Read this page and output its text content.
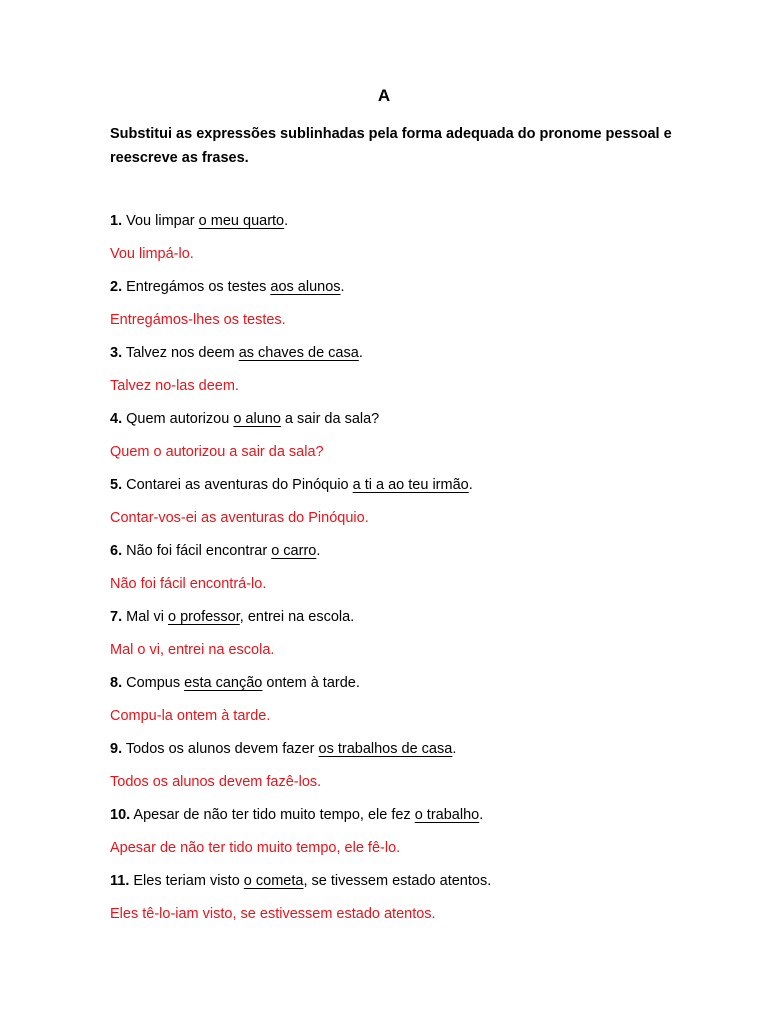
A
Substitui as expressões sublinhadas pela forma adequada do pronome pessoal e reescreve as frases.
1. Vou limpar o meu quarto.
Vou limpá-lo.
2. Entregámos os testes aos alunos.
Entregámos-lhes os testes.
3. Talvez nos deem as chaves de casa.
Talvez no-las deem.
4. Quem autorizou o aluno a sair da sala?
Quem o autorizou a sair da sala?
5. Contarei as aventuras do Pinóquio a ti a ao teu irmão.
Contar-vos-ei as aventuras do Pinóquio.
6. Não foi fácil encontrar o carro.
Não foi fácil encontrá-lo.
7. Mal vi o professor, entrei na escola.
Mal o vi, entrei na escola.
8. Compus esta canção ontem à tarde.
Compu-la ontem à tarde.
9. Todos os alunos devem fazer os trabalhos de casa.
Todos os alunos devem fazê-los.
10. Apesar de não ter tido muito tempo, ele fez o trabalho.
Apesar de não ter tido muito tempo, ele fê-lo.
11. Eles teriam visto o cometa, se tivessem estado atentos.
Eles tê-lo-iam visto, se estivessem estado atentos.
